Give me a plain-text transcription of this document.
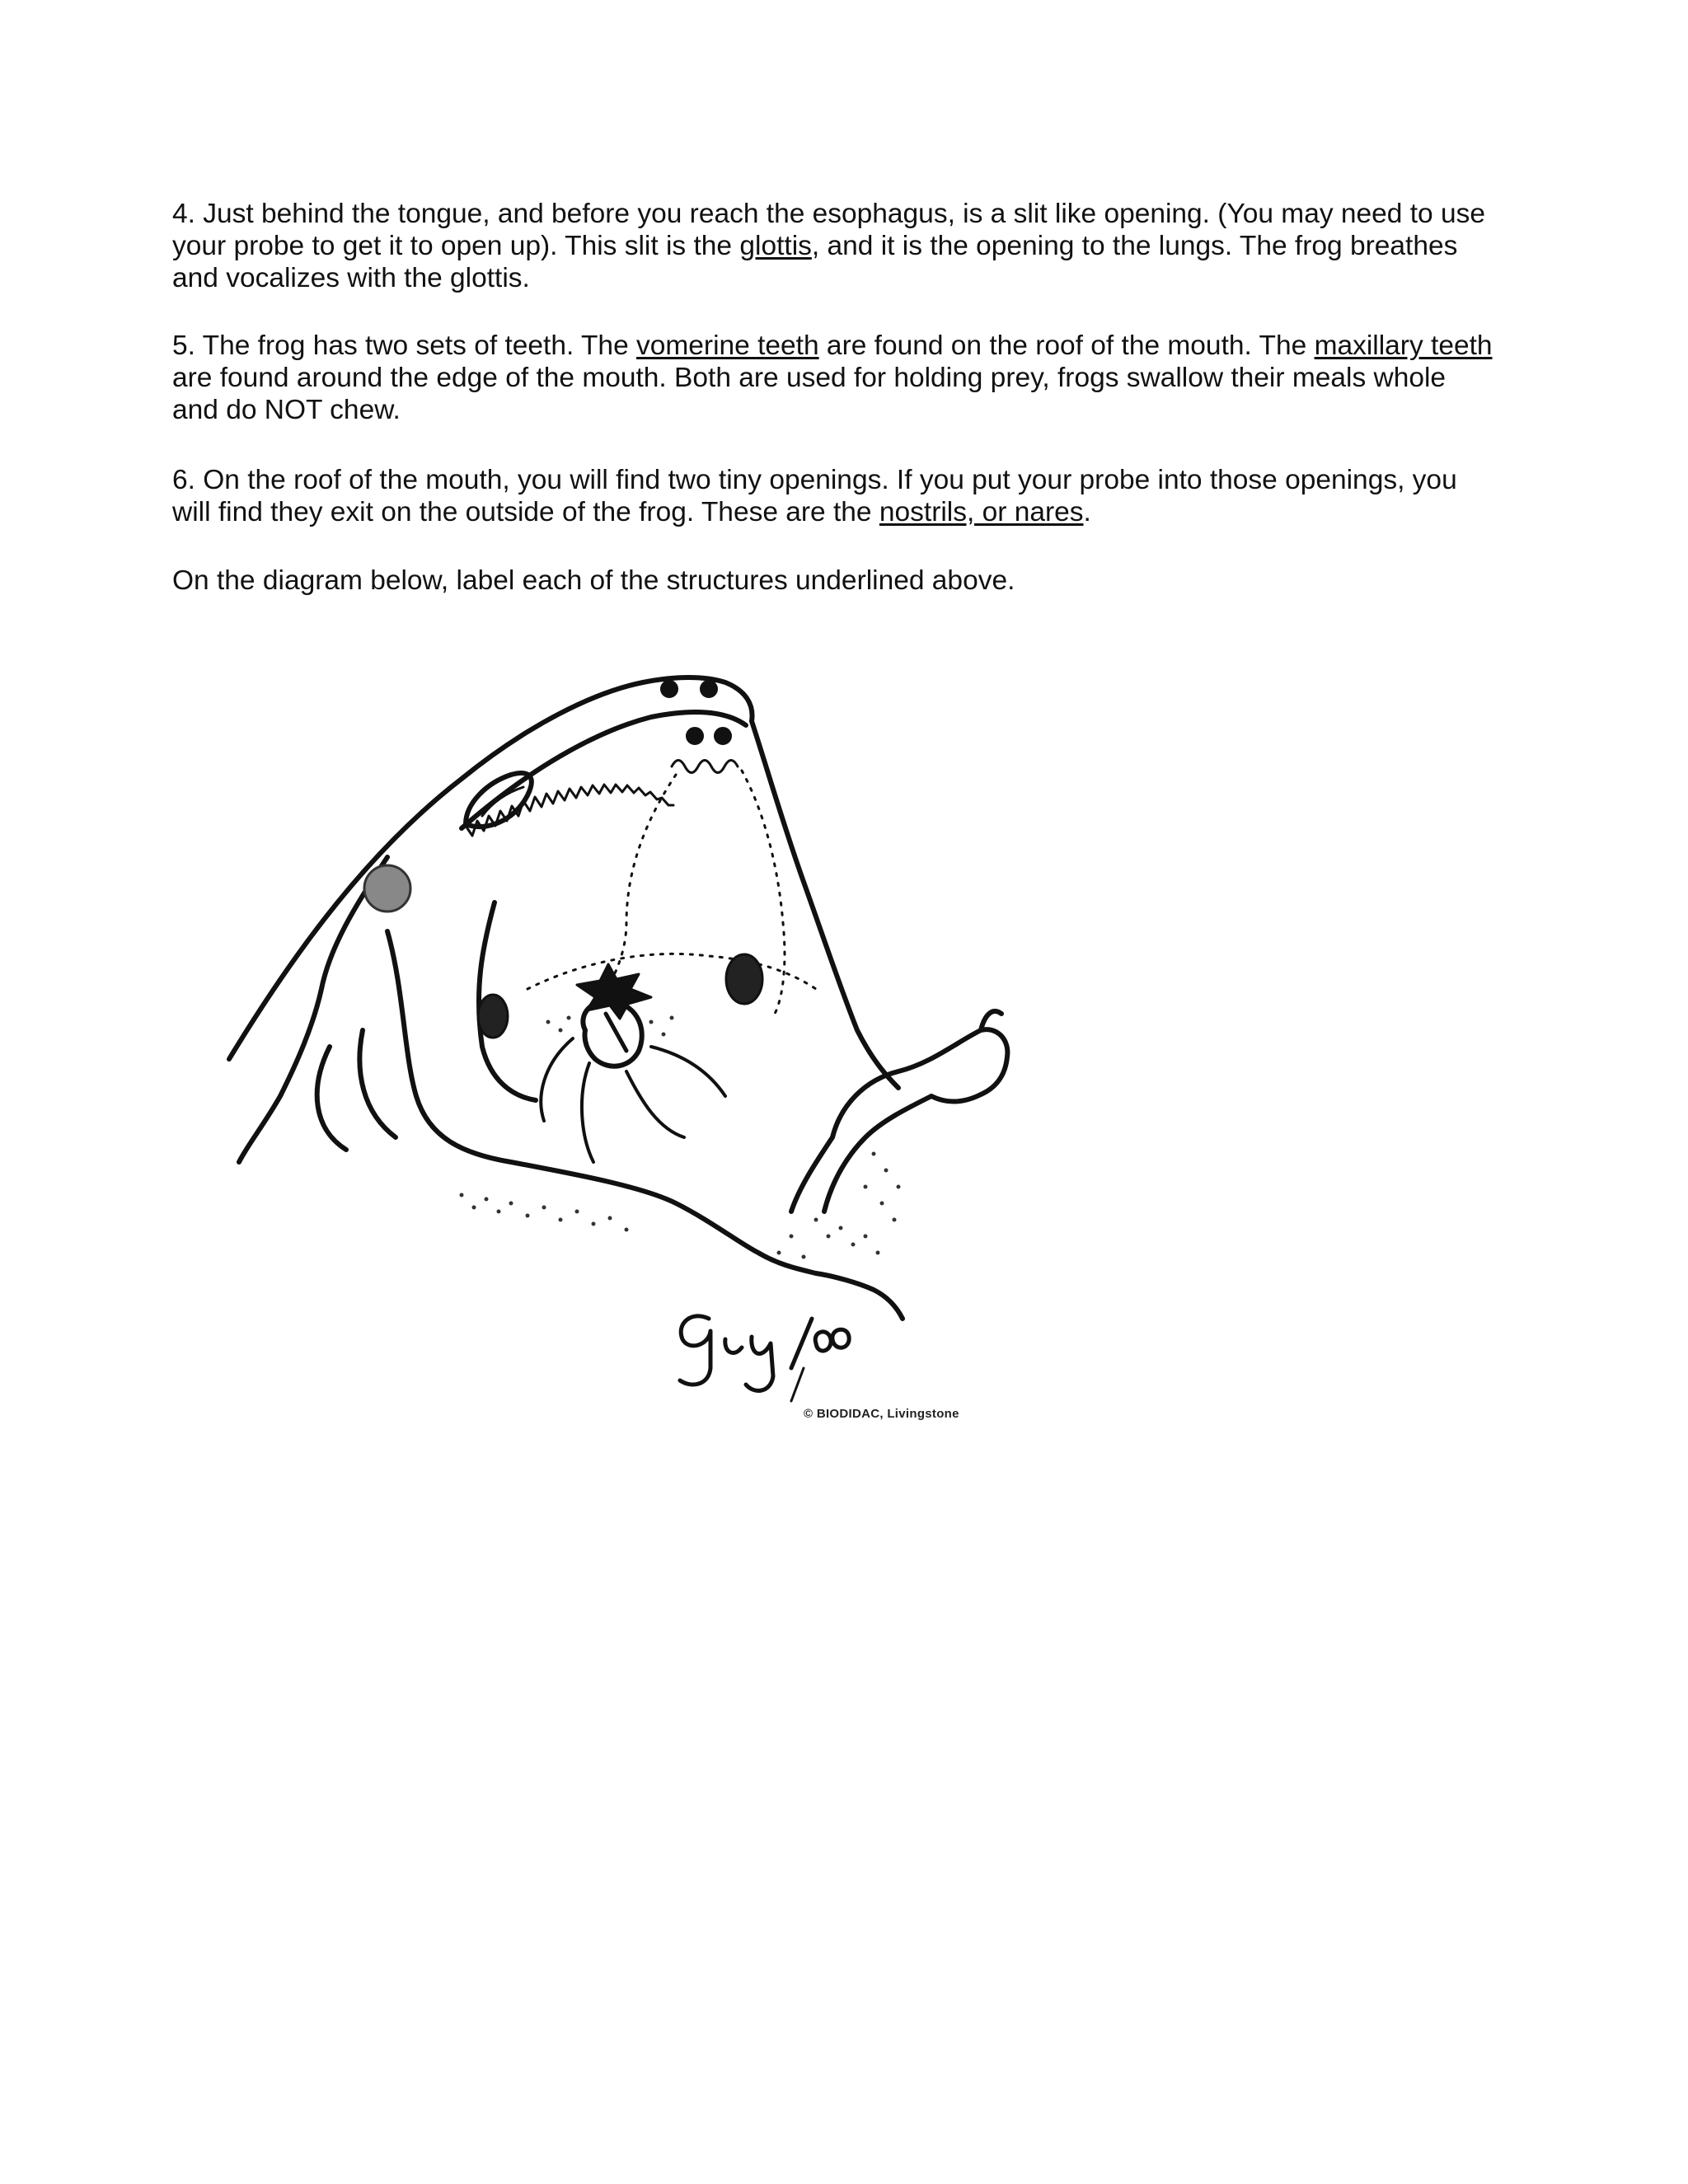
4. Just behind the tongue, and before you reach the esophagus, is a slit like opening. (You may need to use your probe to get it to open up). This slit is the glottis, and it is the opening to the lungs. The frog breathes and vocalizes with the glottis.

5. The frog has two sets of teeth. The vomerine teeth are found on the roof of the mouth. The maxillary teeth are found around the edge of the mouth. Both are used for holding prey, frogs swallow their meals whole and do NOT chew.

6. On the roof of the mouth, you will find two tiny openings. If you put your probe into those openings, you will find they exit on the outside of the frog. These are the nostrils, or nares.

On the diagram below, label each of the structures underlined above.

© BIODIDAC, Livingstone
